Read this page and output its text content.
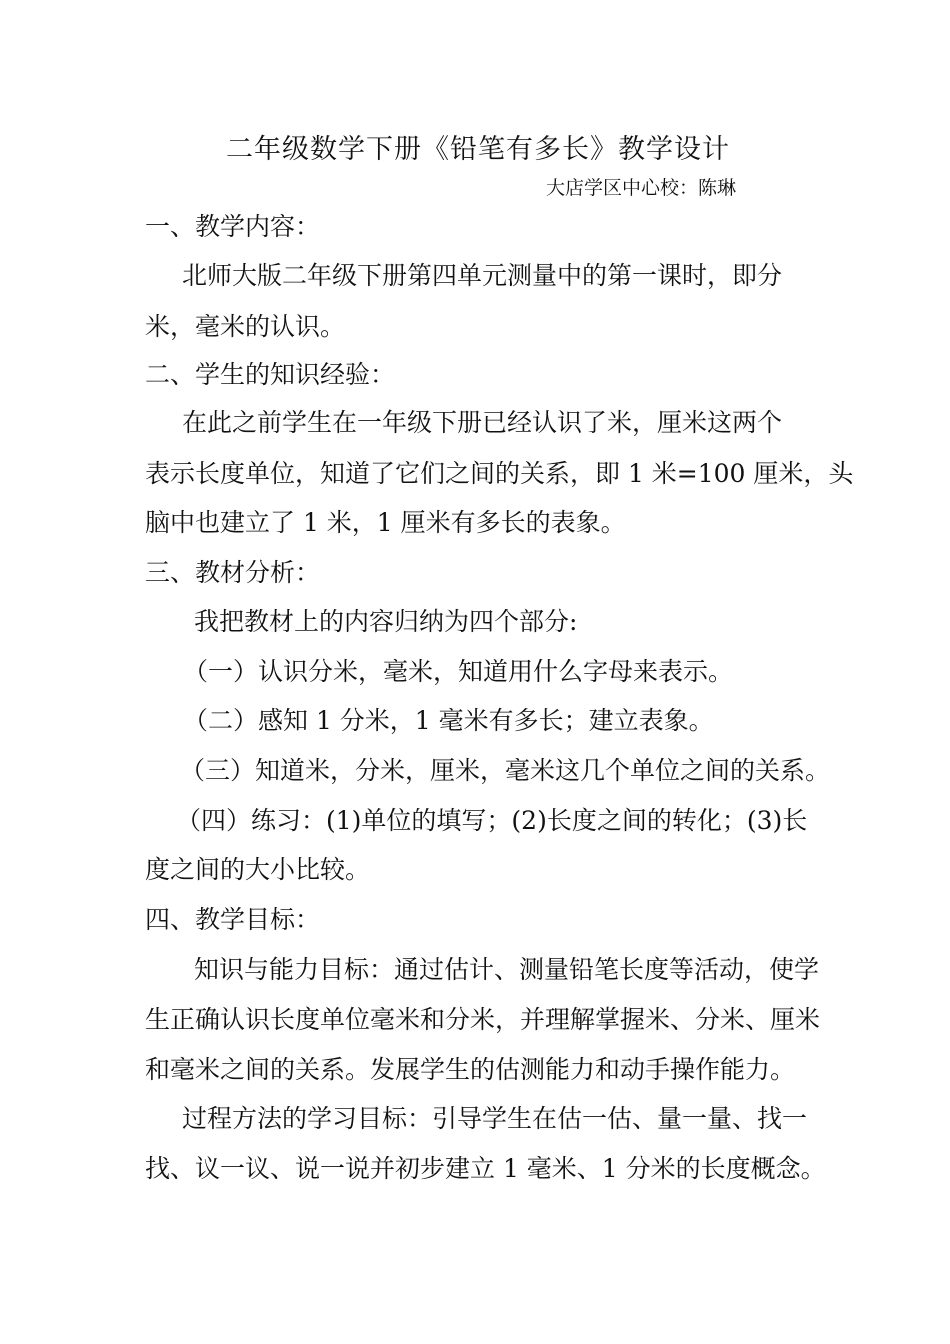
二年级数学下册《铅笔有多长》教学设计
大店学区中心校：陈琳
一、教学内容：
北师大版二年级下册第四单元测量中的第一课时，即分
米，毫米的认识。
二、学生的知识经验：
在此之前学生在一年级下册已经认识了米，厘米这两个
表示长度单位，知道了它们之间的关系，即 1 米=100 厘米，头
脑中也建立了 1 米，1 厘米有多长的表象。
三、教材分析：
我把教材上的内容归纳为四个部分:
（一）认识分米，毫米，知道用什么字母来表示。
（二）感知 1 分米，1 毫米有多长；建立表象。
（三）知道米，分米，厘米，毫米这几个单位之间的关系。
（四）练习：(1)单位的填写；(2)长度之间的转化；(3)长
度之间的大小比较。
四、教学目标：
知识与能力目标：通过估计、测量铅笔长度等活动，使学
生正确认识长度单位毫米和分米，并理解掌握米、分米、厘米
和毫米之间的关系。发展学生的估测能力和动手操作能力。
过程方法的学习目标：引导学生在估一估、量一量、找一
找、议一议、说一说并初步建立 1 毫米、1 分米的长度概念。
